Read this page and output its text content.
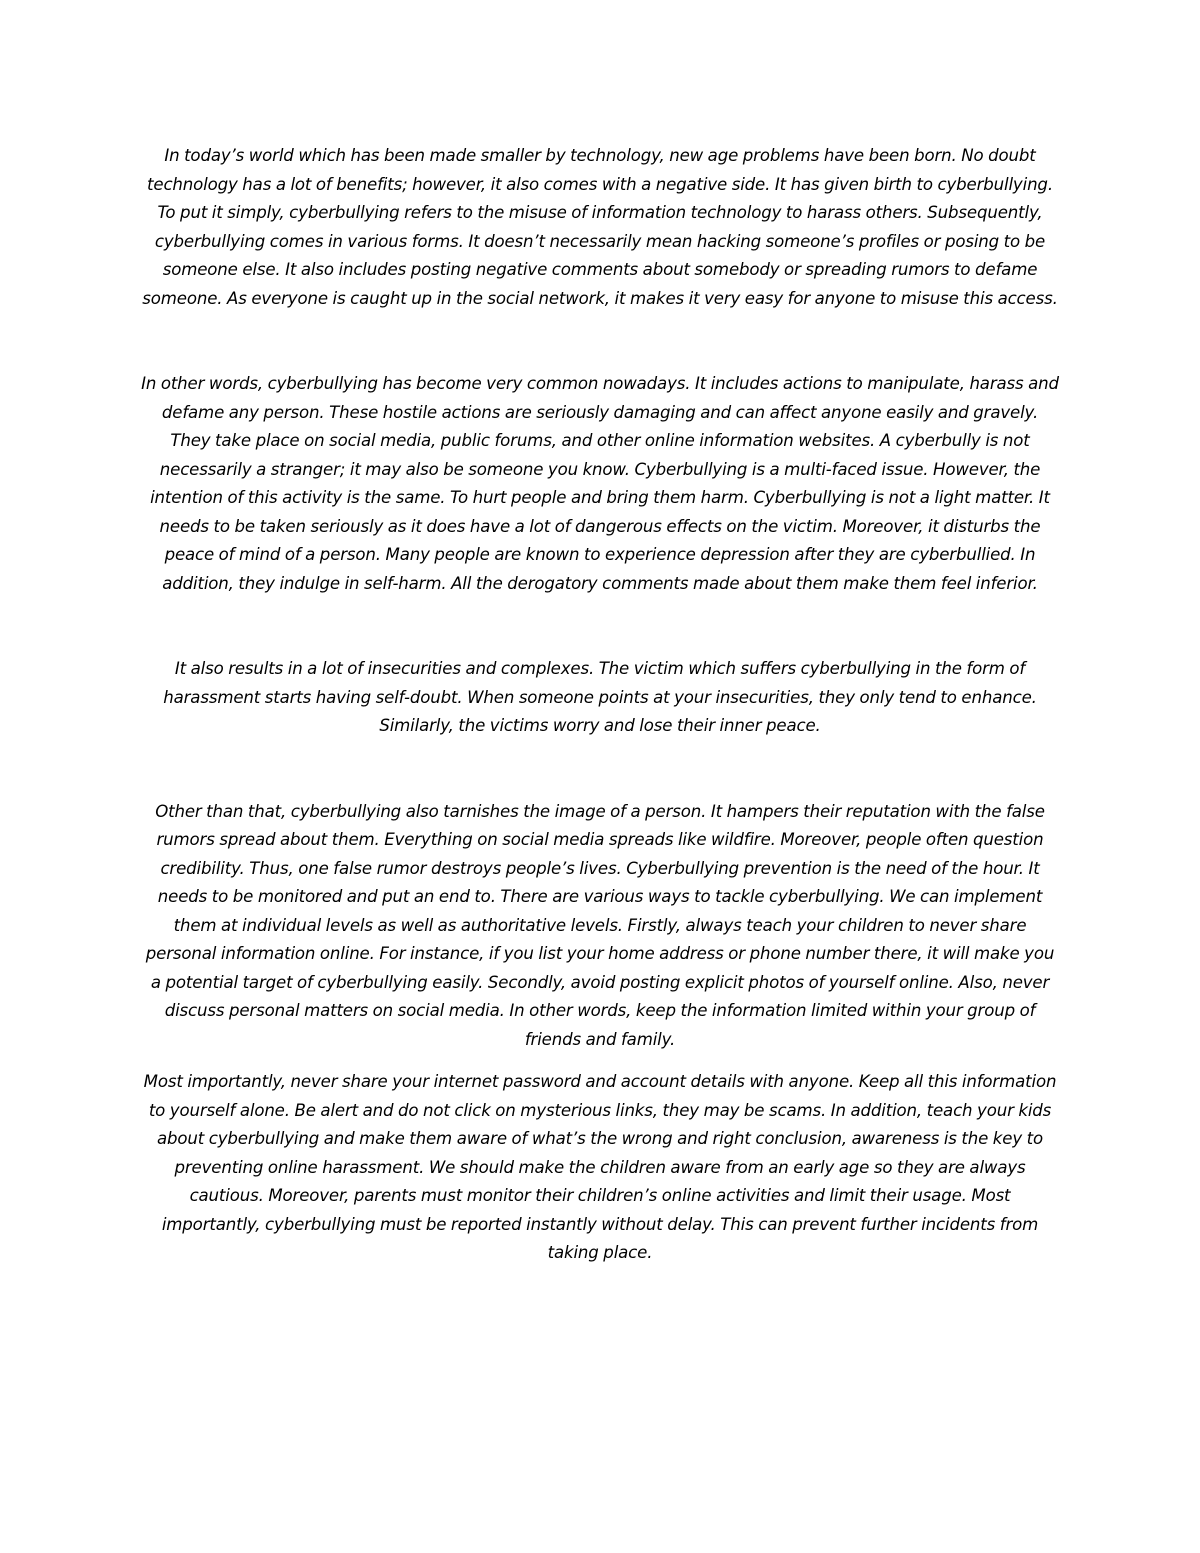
In today’s world which has been made smaller by technology, new age problems have been born. No doubt technology has a lot of benefits; however, it also comes with a negative side. It has given birth to cyberbullying. To put it simply, cyberbullying refers to the misuse of information technology to harass others. Subsequently, cyberbullying comes in various forms. It doesn’t necessarily mean hacking someone’s profiles or posing to be someone else. It also includes posting negative comments about somebody or spreading rumors to defame someone. As everyone is caught up in the social network, it makes it very easy for anyone to misuse this access.

In other words, cyberbullying has become very common nowadays. It includes actions to manipulate, harass and defame any person. These hostile actions are seriously damaging and can affect anyone easily and gravely. They take place on social media, public forums, and other online information websites. A cyberbully is not necessarily a stranger; it may also be someone you know. Cyberbullying is a multi-faced issue. However, the intention of this activity is the same. To hurt people and bring them harm. Cyberbullying is not a light matter. It needs to be taken seriously as it does have a lot of dangerous effects on the victim. Moreover, it disturbs the peace of mind of a person. Many people are known to experience depression after they are cyberbullied. In addition, they indulge in self-harm. All the derogatory comments made about them make them feel inferior.

It also results in a lot of insecurities and complexes. The victim which suffers cyberbullying in the form of harassment starts having self-doubt. When someone points at your insecurities, they only tend to enhance. Similarly, the victims worry and lose their inner peace.

Other than that, cyberbullying also tarnishes the image of a person. It hampers their reputation with the false rumors spread about them. Everything on social media spreads like wildfire. Moreover, people often question credibility. Thus, one false rumor destroys people’s lives. Cyberbullying prevention is the need of the hour. It needs to be monitored and put an end to. There are various ways to tackle cyberbullying. We can implement them at individual levels as well as authoritative levels. Firstly, always teach your children to never share personal information online. For instance, if you list your home address or phone number there, it will make you a potential target of cyberbullying easily. Secondly, avoid posting explicit photos of yourself online. Also, never discuss personal matters on social media. In other words, keep the information limited within your group of friends and family.

Most importantly, never share your internet password and account details with anyone. Keep all this information to yourself alone. Be alert and do not click on mysterious links, they may be scams. In addition, teach your kids about cyberbullying and make them aware of what’s the wrong and right conclusion, awareness is the key to preventing online harassment. We should make the children aware from an early age so they are always cautious. Moreover, parents must monitor their children’s online activities and limit their usage. Most importantly, cyberbullying must be reported instantly without delay. This can prevent further incidents from taking place.
